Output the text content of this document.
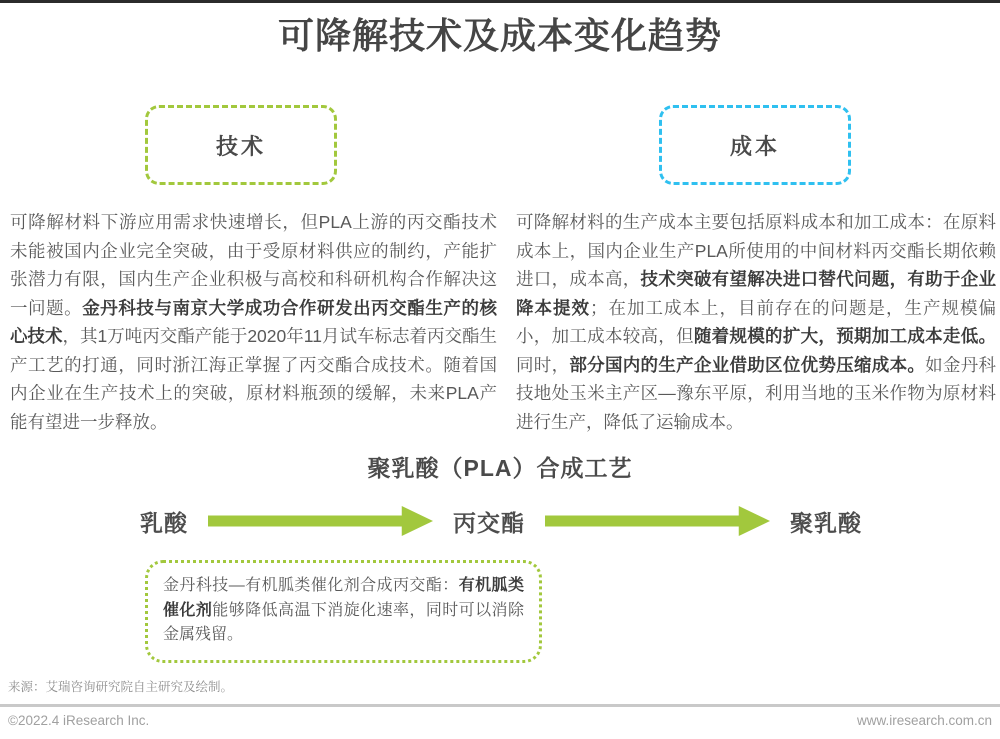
可降解技术及成本变化趋势
技术	成本

可降解材料下游应用需求快速增长，但PLA上游的丙交酯技术未能被国内企业完全突破，由于受原材料供应的制约，产能扩张潜力有限，国内生产企业积极与高校和科研机构合作解决这一问题。金丹科技与南京大学成功合作研发出丙交酯生产的核心技术，其1万吨丙交酯产能于2020年11月试车标志着丙交酯生产工艺的打通，同时浙江海正掌握了丙交酯合成技术。随着国内企业在生产技术上的突破，原材料瓶颈的缓解，未来PLA产能有望进一步释放。

可降解材料的生产成本主要包括原料成本和加工成本：在原料成本上，国内企业生产PLA所使用的中间材料丙交酯长期依赖进口，成本高，技术突破有望解决进口替代问题，有助于企业降本提效；在加工成本上，目前存在的问题是，生产规模偏小，加工成本较高，但随着规模的扩大，预期加工成本走低。同时，部分国内的生产企业借助区位优势压缩成本。如金丹科技地处玉米主产区—豫东平原，利用当地的玉米作物为原材料进行生产，降低了运输成本。

聚乳酸（PLA）合成工艺
乳酸	丙交酯	聚乳酸
金丹科技—有机胍类催化剂合成丙交酯：有机胍类催化剂能够降低高温下消旋化速率，同时可以消除金属残留。
来源：艾瑞咨询研究院自主研究及绘制。
©2022.4 iResearch Inc.	www.iresearch.com.cn
